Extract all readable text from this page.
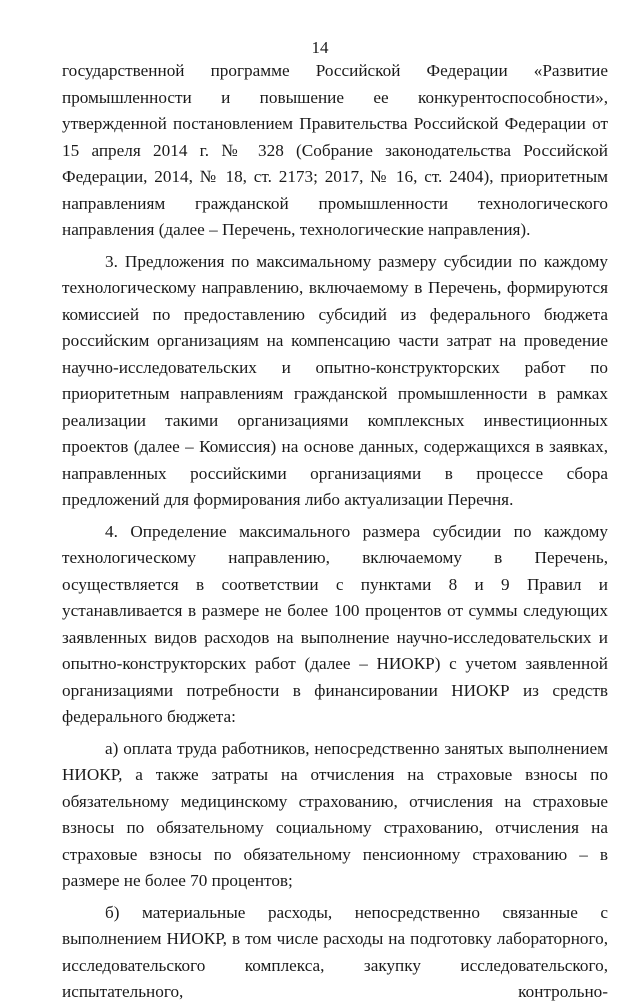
14

государственной программе Российской Федерации «Развитие промышленности и повышение ее конкурентоспособности», утвержденной постановлением Правительства Российской Федерации от 15 апреля 2014 г. № 328 (Собрание законодательства Российской Федерации, 2014, № 18, ст. 2173; 2017, № 16, ст. 2404), приоритетным направлениям гражданской промышленности технологического направления (далее – Перечень, технологические направления).

3. Предложения по максимальному размеру субсидии по каждому технологическому направлению, включаемому в Перечень, формируются комиссией по предоставлению субсидий из федерального бюджета российским организациям на компенсацию части затрат на проведение научно-исследовательских и опытно-конструкторских работ по приоритетным направлениям гражданской промышленности в рамках реализации такими организациями комплексных инвестиционных проектов (далее – Комиссия) на основе данных, содержащихся в заявках, направленных российскими организациями в процессе сбора предложений для формирования либо актуализации Перечня.

4. Определение максимального размера субсидии по каждому технологическому направлению, включаемому в Перечень, осуществляется в соответствии с пунктами 8 и 9 Правил и устанавливается в размере не более 100 процентов от суммы следующих заявленных видов расходов на выполнение научно-исследовательских и опытно-конструкторских работ (далее – НИОКР) с учетом заявленной организациями потребности в финансировании НИОКР из средств федерального бюджета:

а) оплата труда работников, непосредственно занятых выполнением НИОКР, а также затраты на отчисления на страховые взносы по обязательному медицинскому страхованию, отчисления на страховые взносы по обязательному социальному страхованию, отчисления на страховые взносы по обязательному пенсионному страхованию – в размере не более 70 процентов;

б) материальные расходы, непосредственно связанные с выполнением НИОКР, в том числе расходы на подготовку лабораторного, исследовательского комплекса, закупку исследовательского, испытательного, контрольно-
